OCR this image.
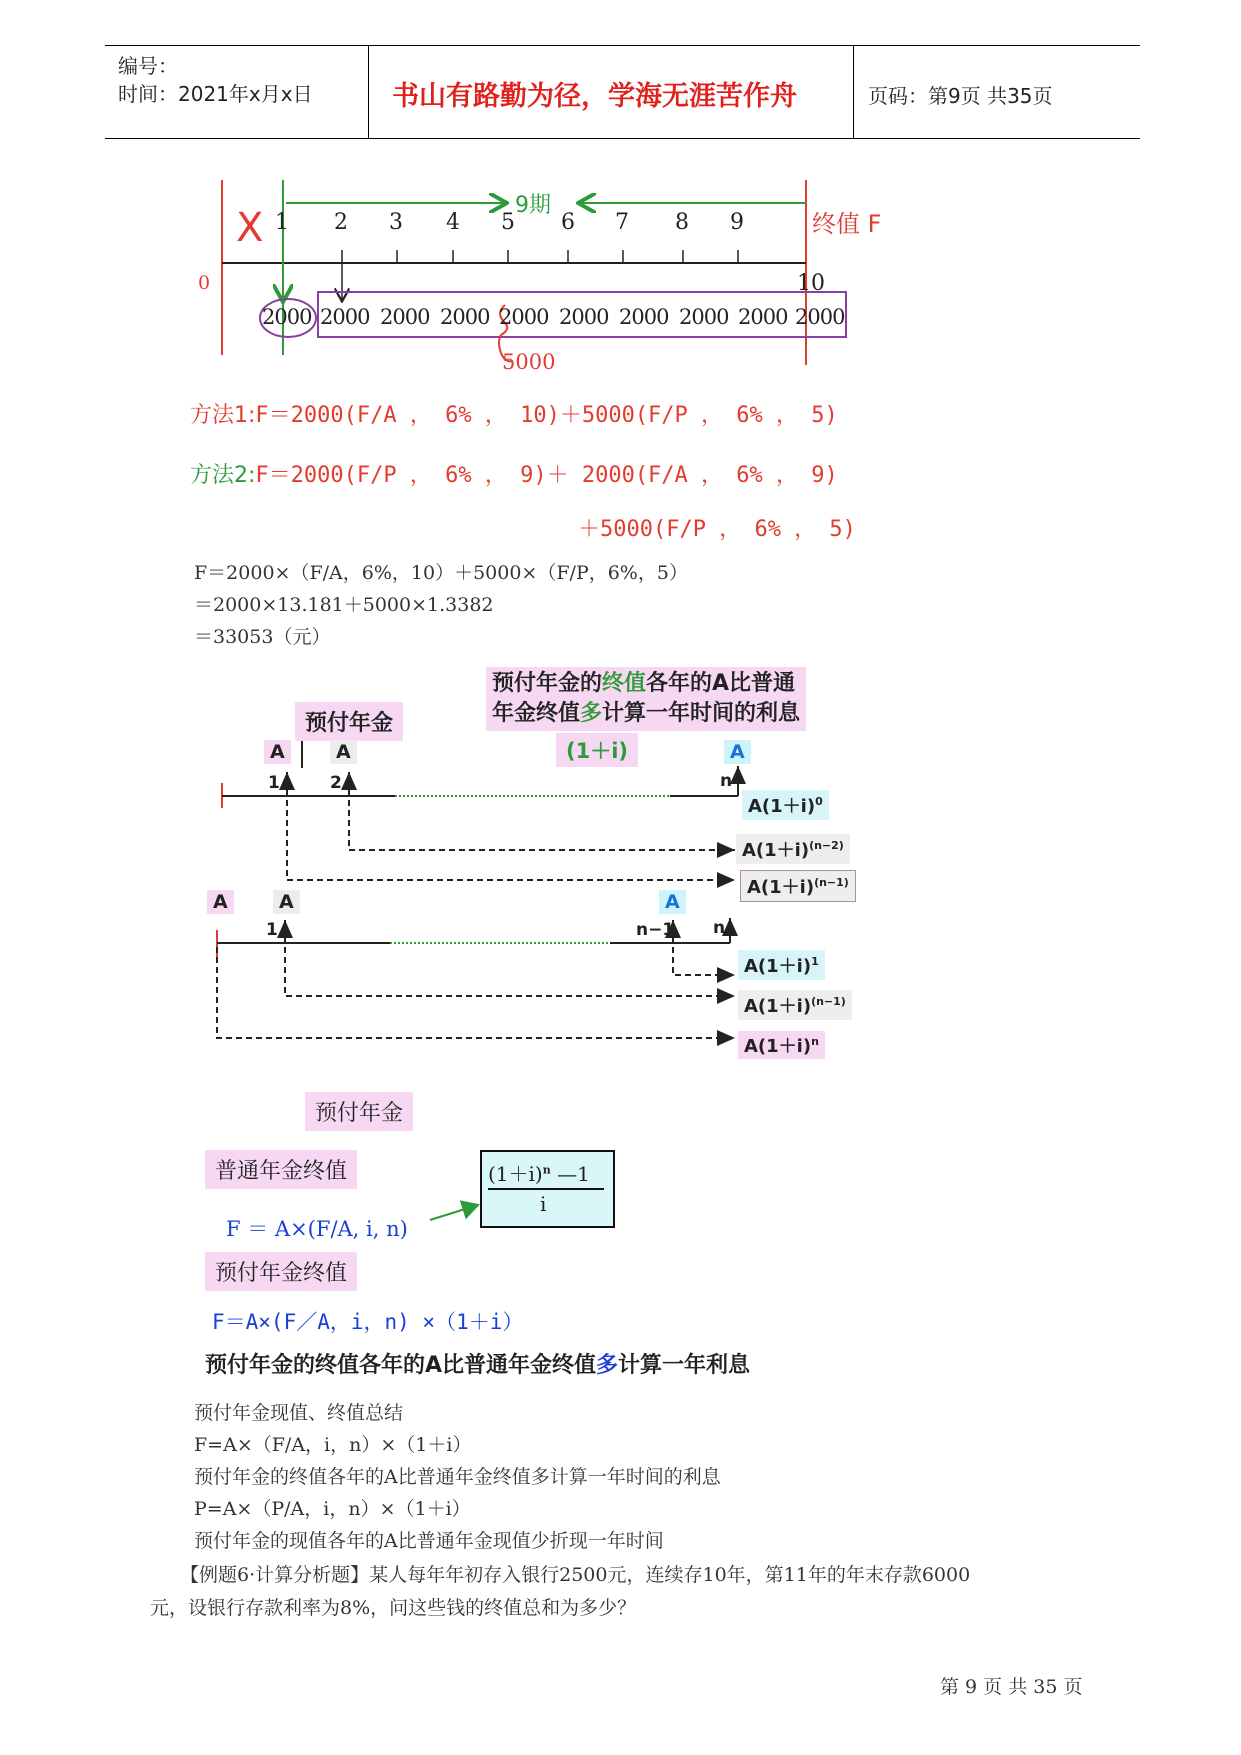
编号：
时间：2021年x月x日	书山有路勤为径，学海无涯苦作舟	页码：第9页 共35页
X
0
1 2 3 4 5 6 7 8 9
10
9期
终值 F
2000 2000 2000 2000 2000 2000 2000 2000 2000 2000
5000
方法1:F＝2000(F/A ， 6% ， 10)＋5000(F/P ， 6% ， 5)
方法2:F＝2000(F/P ， 6% ， 9)＋ 2000(F/A ， 6% ， 9)
＋5000(F/P ， 6% ， 5)
F＝2000×（F/A，6%，10）＋5000×（F/P，6%，5）
＝2000×13.181＋5000×1.3382
＝33053（元）
预付年金的终值各年的A比普通
年金终值多计算一年时间的利息
(1＋i)
预付年金
A	A	A
1	2	n
$A(1+i)^0$
$A(1+i)^{(n-2)}$
$A(1+i)^{(n-1)}$
A	A	A
1	n−1 n
$A(1+i)^1$
$A(1+i)^{(n-1)}$
$A(1+i)^n$
预付年金
普通年金终值
F ＝ A×(F/A, i, n)
$(1+i)^n$ —1
i
预付年金终值
F＝A×(F／A，i，n) ×（1＋i）
预付年金的终值各年的A比普通年金终值多计算一年利息
预付年金现值、终值总结
F=A×（F/A，i，n）×（1＋i）
预付年金的终值各年的A比普通年金终值多计算一年时间的利息
P=A×（P/A，i，n）×（1＋i）
预付年金的现值各年的A比普通年金现值少折现一年时间
【例题6·计算分析题】某人每年年初存入银行2500元，连续存10年，第11年的年末存款6000
元，设银行存款利率为8%，问这些钱的终值总和为多少？
第 9 页 共 35 页
